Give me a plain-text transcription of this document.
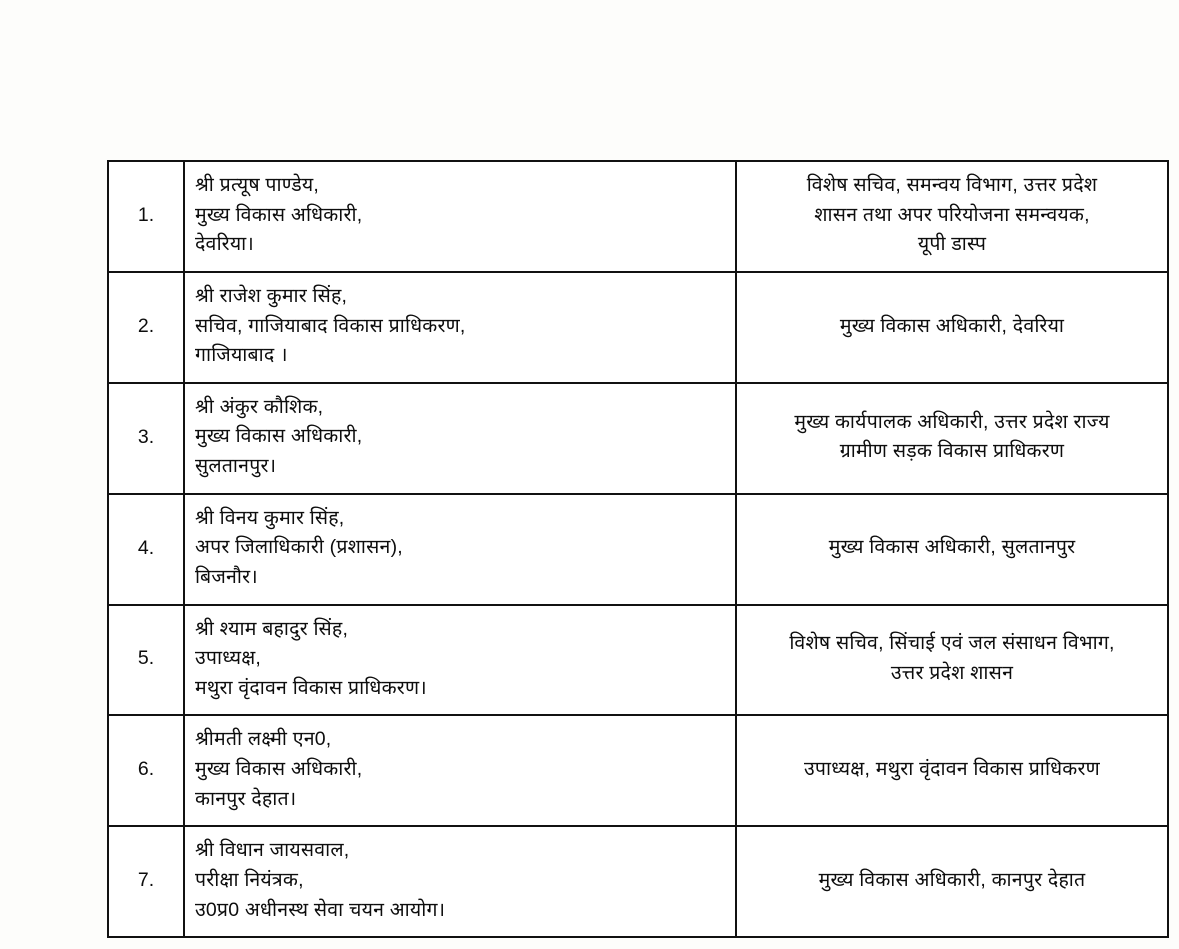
1.	श्री प्रत्यूष पाण्डेय,
मुख्य विकास अधिकारी,
देवरिया।	विशेष सचिव, समन्वय विभाग, उत्तर प्रदेश
शासन तथा अपर परियोजना समन्वयक,
यूपी डास्प

2.	श्री राजेश कुमार सिंह,
सचिव, गाजियाबाद विकास प्राधिकरण,
गाजियाबाद ।	मुख्य विकास अधिकारी, देवरिया

3.	श्री अंकुर कौशिक,
मुख्य विकास अधिकारी,
सुलतानपुर।	मुख्य कार्यपालक अधिकारी, उत्तर प्रदेश राज्य
ग्रामीण सड़क विकास प्राधिकरण

4.	श्री विनय कुमार सिंह,
अपर जिलाधिकारी (प्रशासन),
बिजनौर।	मुख्य विकास अधिकारी, सुलतानपुर

5.	श्री श्याम बहादुर सिंह,
उपाध्यक्ष,
मथुरा वृंदावन विकास प्राधिकरण।	विशेष सचिव, सिंचाई एवं जल संसाधन विभाग,
उत्तर प्रदेश शासन

6.	श्रीमती लक्ष्मी एन0,
मुख्य विकास अधिकारी,
कानपुर देहात।	उपाध्यक्ष, मथुरा वृंदावन विकास प्राधिकरण

7.	श्री विधान जायसवाल,
परीक्षा नियंत्रक,
उ0प्र0 अधीनस्थ सेवा चयन आयोग।	मुख्य विकास अधिकारी, कानपुर देहात
